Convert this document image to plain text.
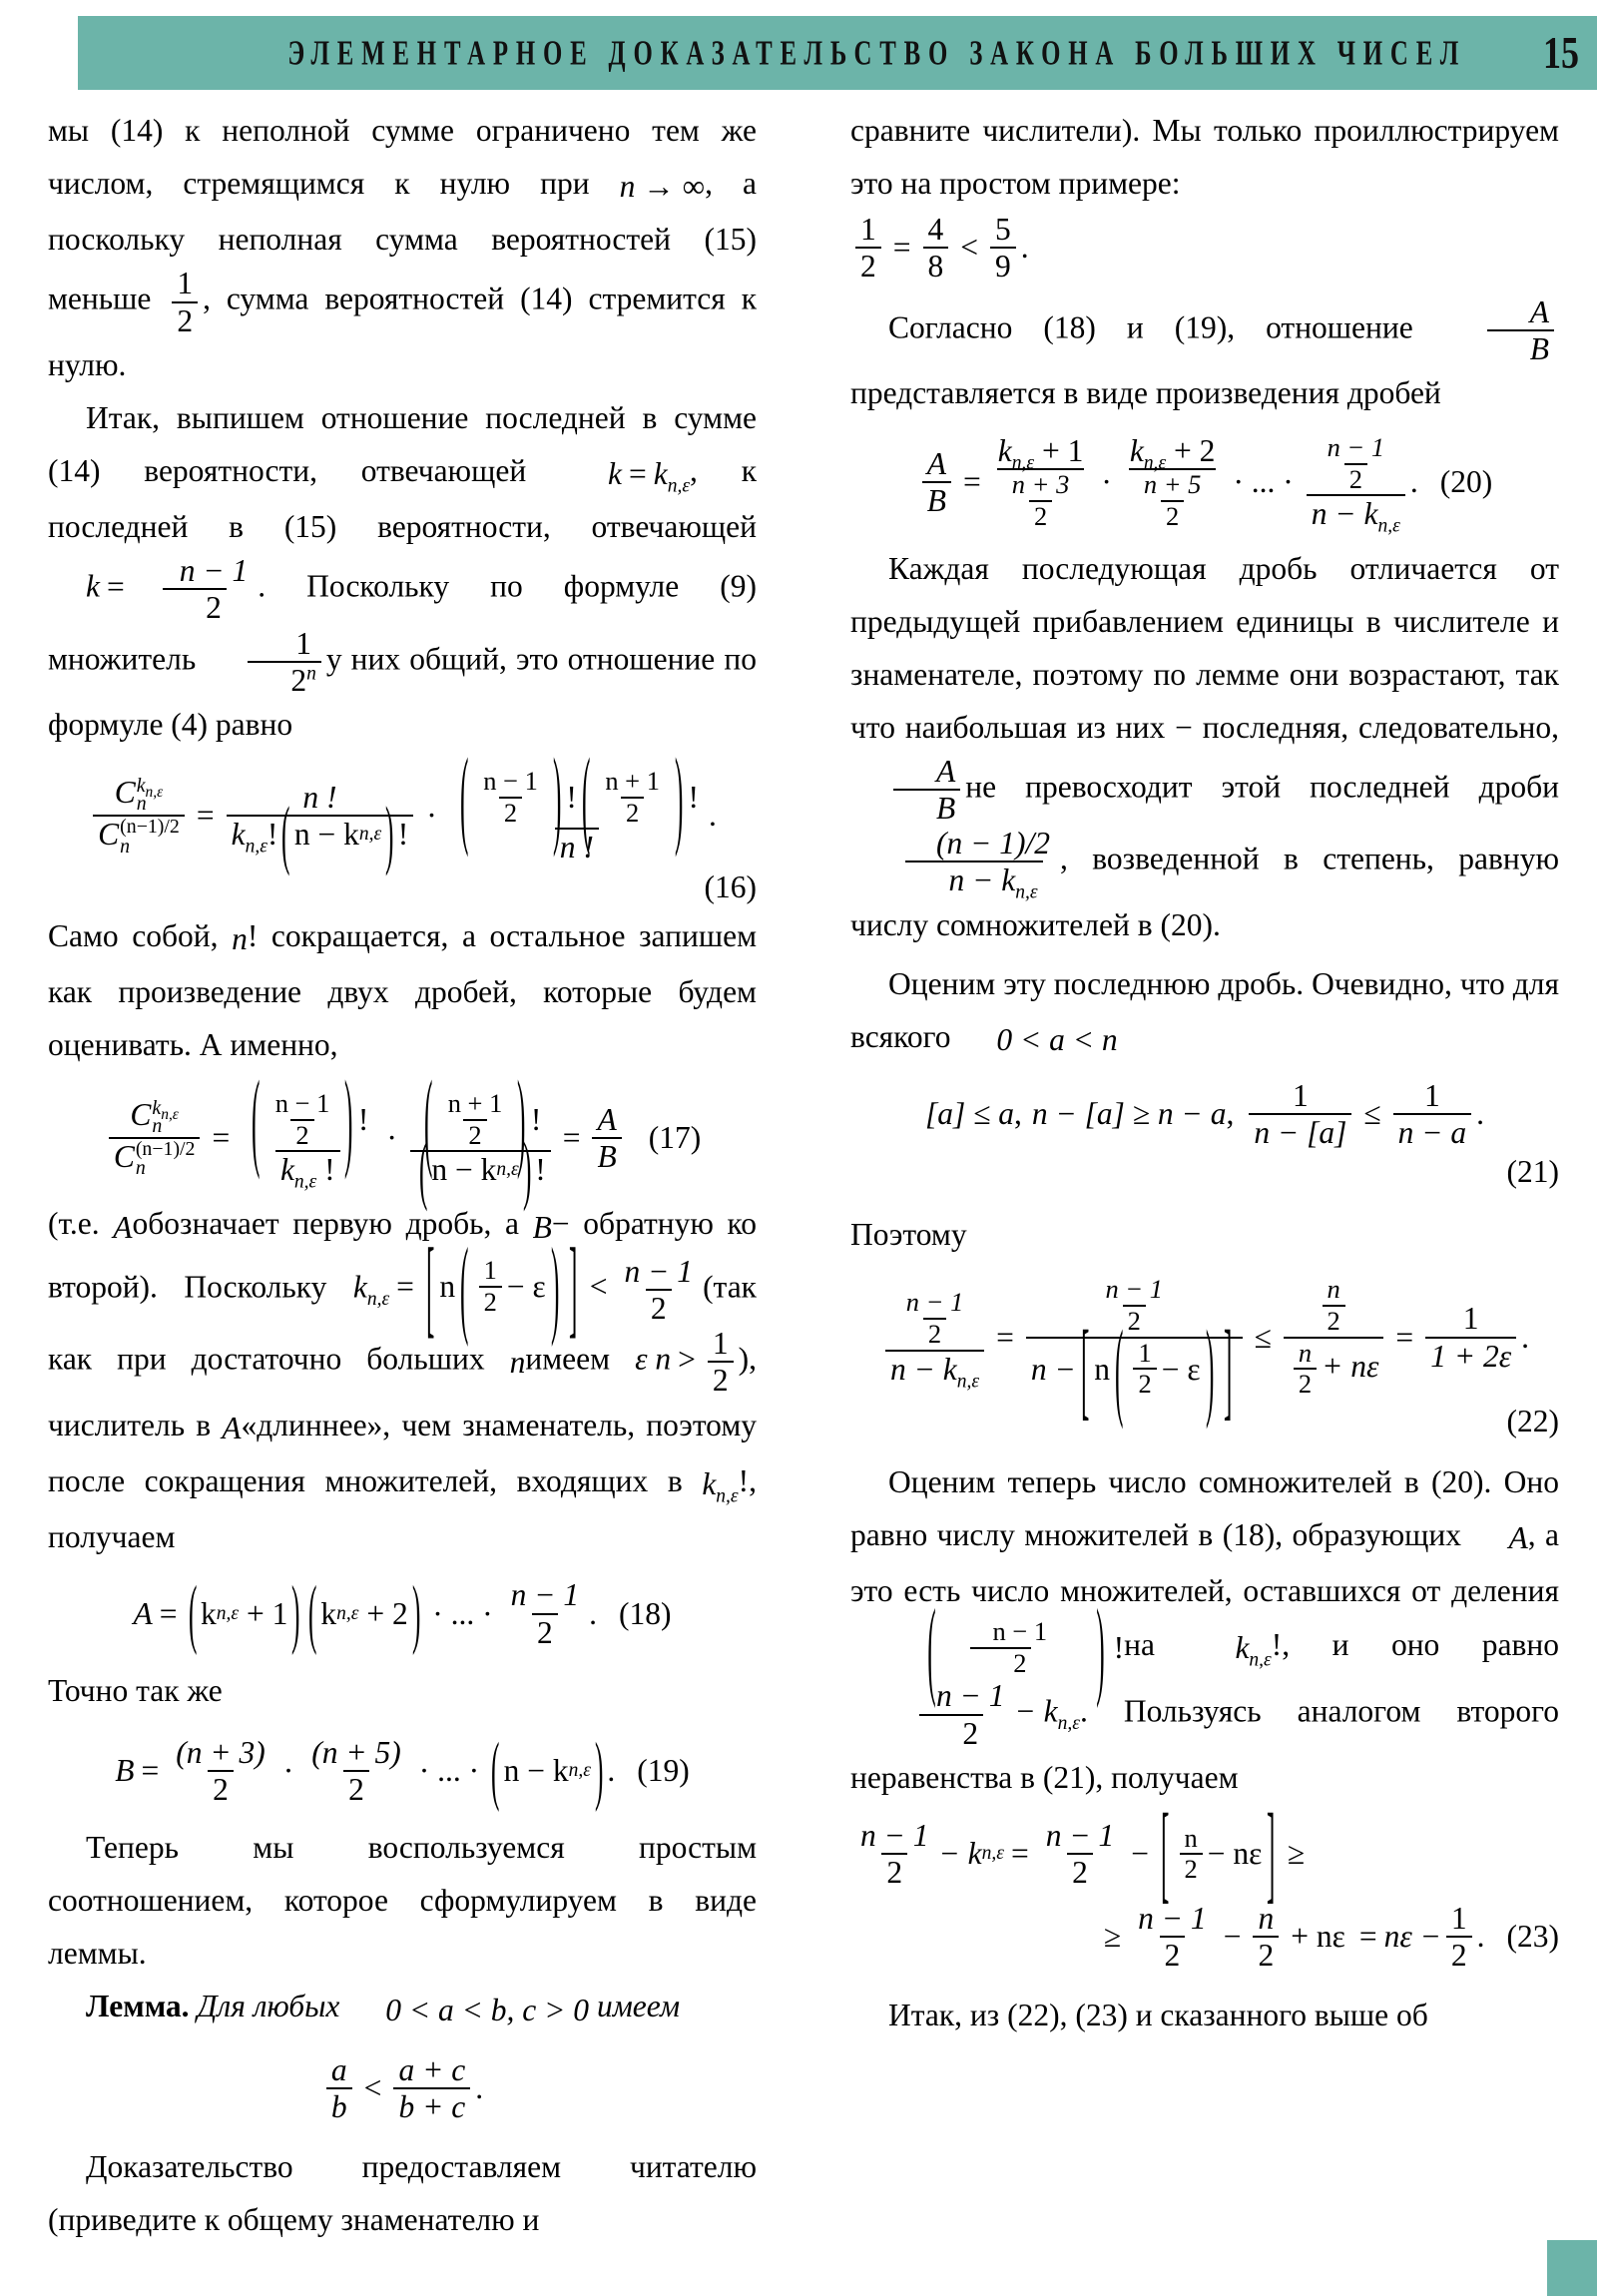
ЭЛЕМЕНТАРНОЕ ДОКАЗАТЕЛЬСТВО ЗАКОНА БОЛЬШИХ ЧИСЕЛ 15

мы (14) к неполной сумме ограничено тем же числом, стремящимся к нулю при n → ∞, а поскольку неполная сумма вероятностей (15) меньше $\frac{1}{2}$ , сумма вероятностей (14) стремится к нулю.

Итак, выпишем отношение последней в сумме (14) вероятности, отвечающей	$k = k_{n,\varepsilon}$, к последней в (15) вероятности, отвечающей $k = \frac{n - 1}{2}$ . Поскольку по формуле (9) множитель $\frac{1}{2^n}$ у них общий, это отношение по формуле (4) равно

C $k_{n,\varepsilon}$
n
C (n−1)/2
$n = \frac{n !}{k_{n,\varepsilon}! ( n - k n,\varepsilon ) !} \cdot \frac{( \frac{n - 1}{2} ) ! ( \frac{n + 1}{2} ) !}{n !}$ .
(16)

Само собой, n! сокращается, а остальное запишем как произведение двух дробей, которые будем оценивать. А именно,

C $k_{n,\varepsilon}$
n
C (n−1)/2
$n = \frac{( \frac{n - 1}{2} ) !}{k_{n,\varepsilon} !} \cdot \frac{( \frac{n + 1}{2} ) !}{\text{( n − k n,ε ) !}} = \frac{A}{B} (17)$

(т.е. Aобозначает первую дробь, а B− обратную ко второй). Поскольку $k_{n,\varepsilon}$ = [ n ( $\frac{1}{2} - \varepsilon$ ) ] < $\frac{n - 1}{2} (так$ как при достаточно больших nимеем ε $n > \frac{1}{2}$ ), числитель в A«длиннее», чем знаменатель, поэтому после сокращения множителей, входящих в $k_{n,\varepsilon}$!, получаем

A = ( k n,ε
+ 1 ) ( k n,ε
+ 2 ) · ... · $\frac{n - 1}{2}$ . (18)

Точно так же

$B = \frac{(n + 3)}{2} \cdot \frac{(n + 5)}{2}$ · ... · ( n − k n,ε ) . (19)

Теперь мы воспользуемся простым соотношением, которое сформулируем в виде леммы.

Лемма. Для любых 0 < a < b, c > 0 имеем

$\frac{a}{b} < \frac{a + c}{b + c}$ .

Доказательство предоставляем читателю (приведите к общему знаменателю и

сравните числители). Мы только проиллюстрируем это на простом примере:

$\frac{1}{2} = \frac{4}{8} < \frac{5}{9}$ .

Согласно (18) и (19), отношение $\frac{A}{B}$
представляется в виде произведения дробей

$\frac{A}{B} = \frac{k_{n,\varepsilon} + 1}{\frac{n + 3}{2}} \cdot \frac{k_{n,\varepsilon} + 2}{\frac{n + 5}{2}}$ · ... · $\frac{\frac{n - 1}{2}}{n - k_{n,\varepsilon}}$ . (20)

Каждая последующая дробь отличается от предыдущей прибавлением единицы в числителе и знаменателе, поэтому по лемме они возрастают, так что наибольшая из них − последняя, следовательно,
$\frac{A}{B}$ не превосходит этой последней дроби
$\frac{(n - 1)/2}{n - k_{n,\varepsilon}}$ , возведенной в степень, равную числу сомножителей в (20).

Оценим эту последнюю дробь. Очевидно, что для всякого 0 < a < n

[a] ≤ a , n − [a] ≥ n − a , $\frac{1}{n - [a]} \le \frac{1}{n - a}$ .
(21)

Поэтому

$\frac{\frac{n - 1}{2}}{n - k_{n,\varepsilon}} = \frac{\frac{n - 1}{2}}{n - [ n ( \frac{1}{2} - \varepsilon ) ]} \le \frac{\frac{n}{2}}{\frac{n}{2} + n\varepsilon} = \frac{1}{1 + 2\varepsilon}$ .
(22)

Оценим теперь число сомножителей в (20). Оно равно числу множителей в (18), образующих A, а это есть число множителей, оставшихся от деления
( $\frac{n - 1}{2}$	) !на	$k_{n,\varepsilon}$!, и оно равно
$\frac{n - 1}{2} - k_{n,\varepsilon}$. Пользуясь аналогом второго неравенства в (21), получаем

$\frac{n - 1}{2} - k$ $n,\varepsilon = \frac{n - 1}{2}$ − [ $\frac{n}{2} - n\varepsilon$ ] ≥
≥ $\frac{n - 1}{2} - \frac{n}{2} + n\varepsilon = n\varepsilon - \frac{1}{2}$ . (23)

Итак, из (22), (23) и сказанного выше об
